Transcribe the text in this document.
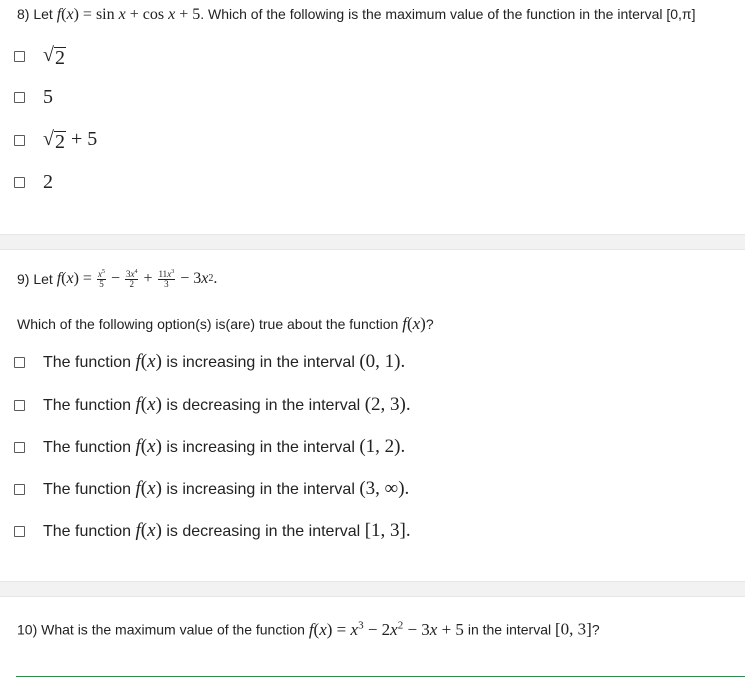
8) Let f(x) = sin x + cos x + 5. Which of the following is the maximum value of the function in the interval [0,π]
√ 2
5
√ 2 + 5
2
9)
Let
f ( x ) = $\frac{x^5}{5} - \frac{3x^4}{2} + \frac{11x^3}{3} - 3$ x 2 .
Which of the following option(s) is(are) true about the function f(x)?
The function f(x) is increasing in the interval (0, 1).
The function f(x) is decreasing in the interval (2, 3).
The function f(x) is increasing in the interval (1, 2).
The function f(x) is increasing in the interval (3, ∞).
The function f(x) is decreasing in the interval [1, 3].
10) What is the maximum value of the function $f(x) = x^3 - 2x^2 - 3x + 5$ in the interval [0, 3]?
